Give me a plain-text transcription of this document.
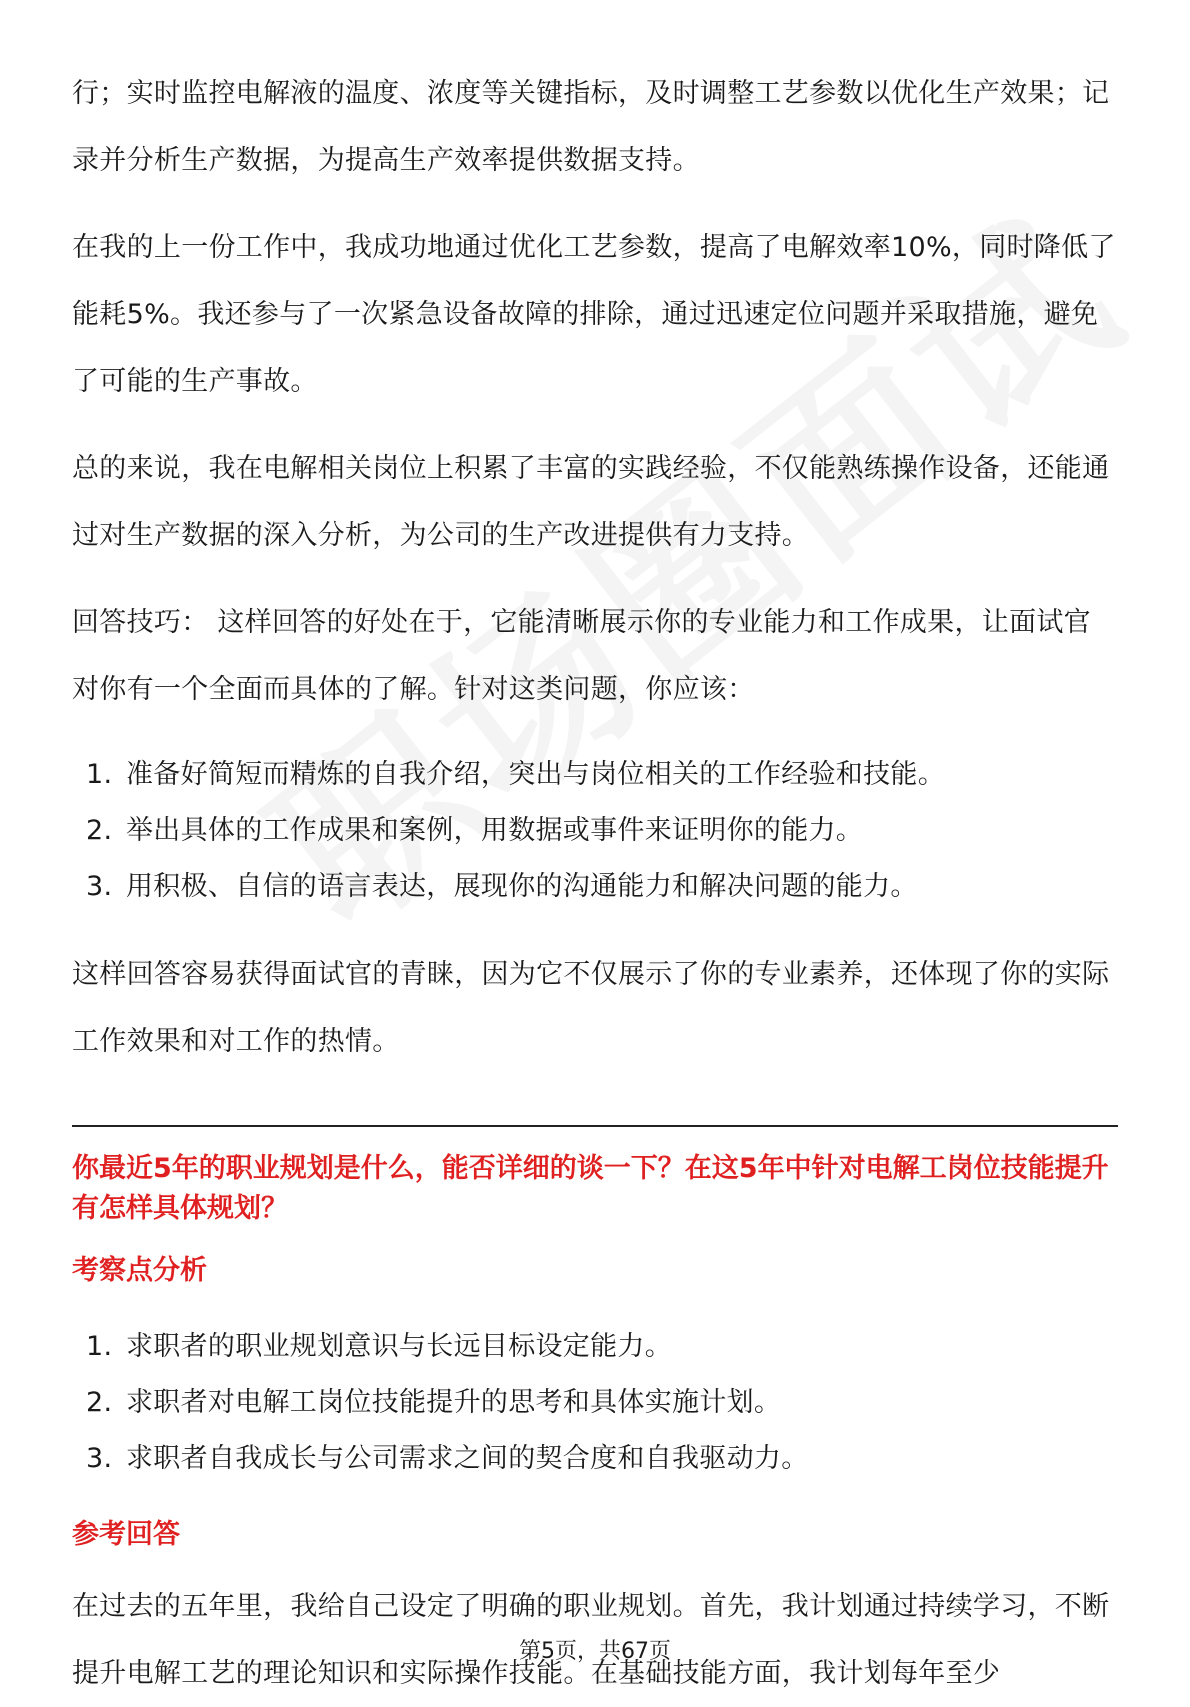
行；实时监控电解液的温度、浓度等关键指标，及时调整工艺参数以优化生产效果；记录并分析生产数据，为提高生产效率提供数据支持。

在我的上一份工作中，我成功地通过优化工艺参数，提高了电解效率10%，同时降低了能耗5%。我还参与了一次紧急设备故障的排除，通过迅速定位问题并采取措施，避免了可能的生产事故。

总的来说，我在电解相关岗位上积累了丰富的实践经验，不仅能熟练操作设备，还能通过对生产数据的深入分析，为公司的生产改进提供有力支持。

回答技巧： 这样回答的好处在于，它能清晰展示你的专业能力和工作成果，让面试官对你有一个全面而具体的了解。针对这类问题，你应该：

1. 准备好简短而精炼的自我介绍，突出与岗位相关的工作经验和技能。
2. 举出具体的工作成果和案例，用数据或事件来证明你的能力。
3. 用积极、自信的语言表达，展现你的沟通能力和解决问题的能力。

这样回答容易获得面试官的青睐，因为它不仅展示了你的专业素养，还体现了你的实际工作效果和对工作的热情。

你最近5年的职业规划是什么，能否详细的谈一下？在这5年中针对电解工岗位技能提升有怎样具体规划？

考察点分析

1. 求职者的职业规划意识与长远目标设定能力。
2. 求职者对电解工岗位技能提升的思考和具体实施计划。
3. 求职者自我成长与公司需求之间的契合度和自我驱动力。

参考回答

在过去的五年里，我给自己设定了明确的职业规划。首先，我计划通过持续学习，不断提升电解工艺的理论知识和实际操作技能。在基础技能方面，我计划每年至少

第5页，共67页
